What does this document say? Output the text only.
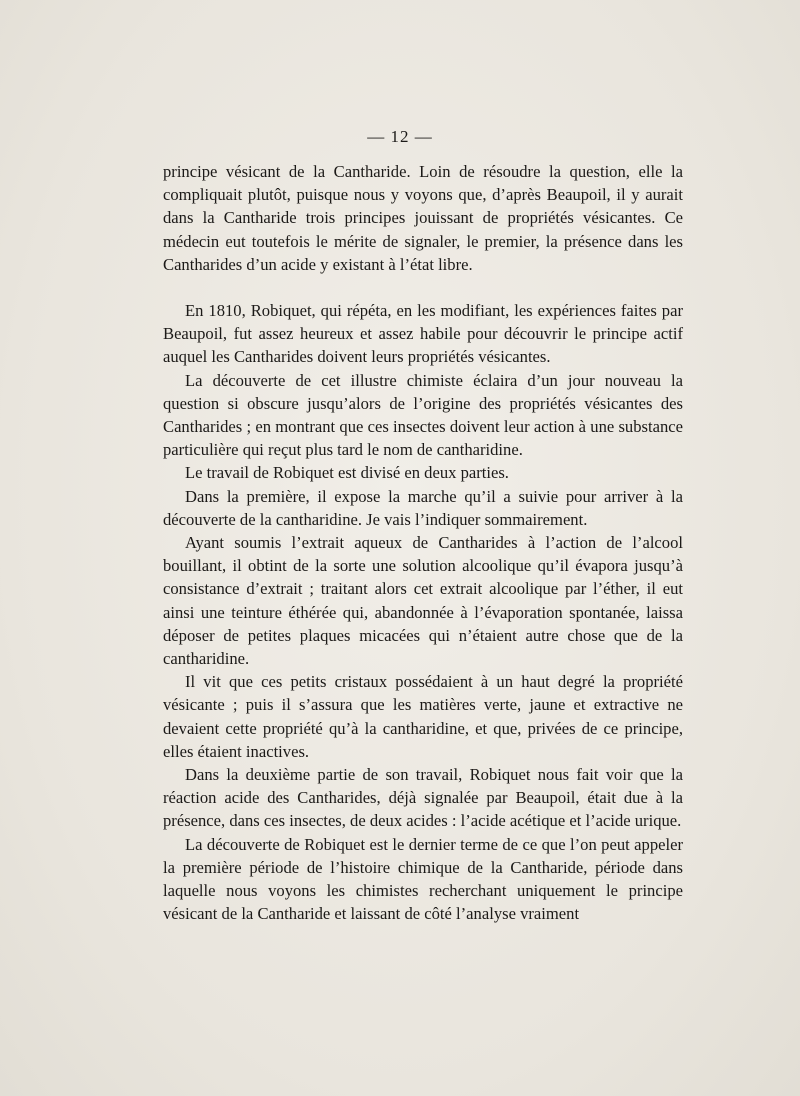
— 12 —

principe vésicant de la Cantharide. Loin de résoudre la question, elle la compliquait plutôt, puisque nous y voyons que, d’après Beaupoil, il y aurait dans la Cantharide trois principes jouissant de propriétés vésicantes. Ce médecin eut toutefois le mérite de signaler, le premier, la présence dans les Cantharides d’un acide y existant à l’état libre.

En 1810, Robiquet, qui répéta, en les modifiant, les expériences faites par Beaupoil, fut assez heureux et assez habile pour découvrir le principe actif auquel les Cantharides doivent leurs propriétés vésicantes.

La découverte de cet illustre chimiste éclaira d’un jour nouveau la question si obscure jusqu’alors de l’origine des propriétés vésicantes des Cantharides ; en montrant que ces insectes doivent leur action à une substance particulière qui reçut plus tard le nom de cantharidine.

Le travail de Robiquet est divisé en deux parties.

Dans la première, il expose la marche qu’il a suivie pour arriver à la découverte de la cantharidine. Je vais l’indiquer sommairement.

Ayant soumis l’extrait aqueux de Cantharides à l’action de l’alcool bouillant, il obtint de la sorte une solution alcoolique qu’il évapora jusqu’à consistance d’extrait ; traitant alors cet extrait alcoolique par l’éther, il eut ainsi une teinture éthérée qui, abandonnée à l’évaporation spontanée, laissa déposer de petites plaques micacées qui n’étaient autre chose que de la cantharidine.

Il vit que ces petits cristaux possédaient à un haut degré la propriété vésicante ; puis il s’assura que les matières verte, jaune et extractive ne devaient cette propriété qu’à la cantharidine, et que, privées de ce principe, elles étaient inactives.

Dans la deuxième partie de son travail, Robiquet nous fait voir que la réaction acide des Cantharides, déjà signalée par Beaupoil, était due à la présence, dans ces insectes, de deux acides : l’acide acétique et l’acide urique.

La découverte de Robiquet est le dernier terme de ce que l’on peut appeler la première période de l’histoire chimique de la Cantharide, période dans laquelle nous voyons les chimistes recherchant uniquement le principe vésicant de la Cantharide et laissant de côté l’analyse vraiment
